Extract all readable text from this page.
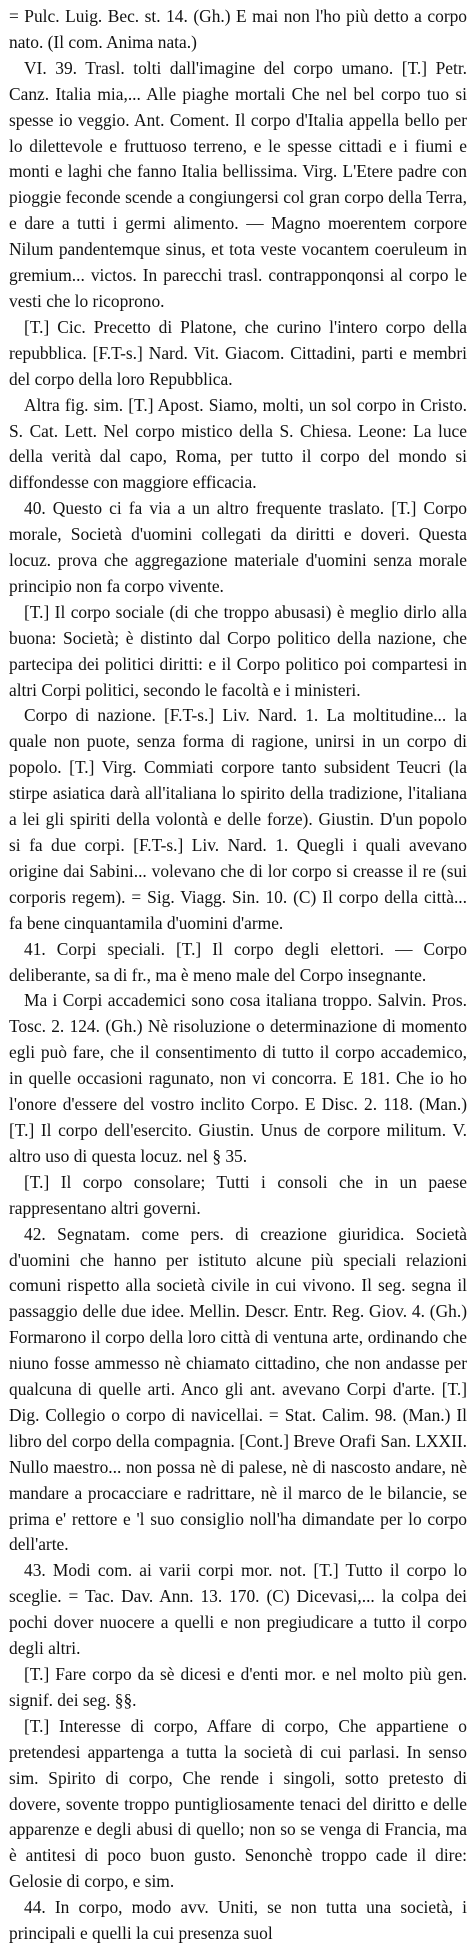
= Pulc. Luig. Bec. st. 14. (Gh.) E mai non l'ho più detto a corpo nato. (Il com. Anima nata.)

VI. 39. Trasl. tolti dall'imagine del corpo umano. [T.] Petr. Canz. Italia mia,... Alle piaghe mortali Che nel bel corpo tuo si spesse io veggio. Ant. Coment. Il corpo d'Italia appella bello per lo dilettevole e fruttuoso terreno, e le spesse cittadi e i fiumi e monti e laghi che fanno Italia bellissima. Virg. L'Etere padre con pioggie feconde scende a congiungersi col gran corpo della Terra, e dare a tutti i germi alimento. — Magno moerentem corpore Nilum pandentemque sinus, et tota veste vocantem coeruleum in gremium... victos. In parecchi trasl. contrapponqonsi al corpo le vesti che lo ricoprono.

[T.] Cic. Precetto di Platone, che curino l'intero corpo della repubblica. [F.T-s.] Nard. Vit. Giacom. Cittadini, parti e membri del corpo della loro Repubblica.

Altra fig. sim. [T.] Apost. Siamo, molti, un sol corpo in Cristo. S. Cat. Lett. Nel corpo mistico della S. Chiesa. Leone: La luce della verità dal capo, Roma, per tutto il corpo del mondo si diffondesse con maggiore efficacia.

40. Questo ci fa via a un altro frequente traslato. [T.] Corpo morale, Società d'uomini collegati da diritti e doveri. Questa locuz. prova che aggregazione materiale d'uomini senza morale principio non fa corpo vivente.

[T.] Il corpo sociale (di che troppo abusasi) è meglio dirlo alla buona: Società; è distinto dal Corpo politico della nazione, che partecipa dei politici diritti: e il Corpo politico poi compartesi in altri Corpi politici, secondo le facoltà e i ministeri.

Corpo di nazione. [F.T-s.] Liv. Nard. 1. La moltitudine... la quale non puote, senza forma di ragione, unirsi in un corpo di popolo. [T.] Virg. Commiati corpore tanto subsident Teucri (la stirpe asiatica darà all'italiana lo spirito della tradizione, l'italiana a lei gli spiriti della volontà e delle forze). Giustin. D'un popolo si fa due corpi. [F.T-s.] Liv. Nard. 1. Quegli i quali avevano origine dai Sabini... volevano che di lor corpo si creasse il re (sui corporis regem). = Sig. Viagg. Sin. 10. (C) Il corpo della città... fa bene cinquantamila d'uomini d'arme.

41. Corpi speciali. [T.] Il corpo degli elettori. — Corpo deliberante, sa di fr., ma è meno male del Corpo insegnante.

Ma i Corpi accademici sono cosa italiana troppo. Salvin. Pros. Tosc. 2. 124. (Gh.) Nè risoluzione o determinazione di momento egli può fare, che il consentimento di tutto il corpo accademico, in quelle occasioni ragunato, non vi concorra. E 181. Che io ho l'onore d'essere del vostro inclito Corpo. E Disc. 2. 118. (Man.) [T.] Il corpo dell'esercito. Giustin. Unus de corpore militum. V. altro uso di questa locuz. nel § 35.

[T.] Il corpo consolare; Tutti i consoli che in un paese rappresentano altri governi.

42. Segnatam. come pers. di creazione giuridica. Società d'uomini che hanno per istituto alcune più speciali relazioni comuni rispetto alla società civile in cui vivono. Il seg. segna il passaggio delle due idee. Mellin. Descr. Entr. Reg. Giov. 4. (Gh.) Formarono il corpo della loro città di ventuna arte, ordinando che niuno fosse ammesso nè chiamato cittadino, che non andasse per qualcuna di quelle arti. Anco gli ant. avevano Corpi d'arte. [T.] Dig. Collegio o corpo di navicellai. = Stat. Calim. 98. (Man.) Il libro del corpo della compagnia. [Cont.] Breve Orafi San. LXXII. Nullo maestro... non possa nè di palese, nè di nascosto andare, nè mandare a procacciare e radrittare, nè il marco de le bilancie, se prima e' rettore e 'l suo consiglio noll'ha dimandate per lo corpo dell'arte.

43. Modi com. ai varii corpi mor. not. [T.] Tutto il corpo lo sceglie. = Tac. Dav. Ann. 13. 170. (C) Dicevasi,... la colpa dei pochi dover nuocere a quelli e non pregiudicare a tutto il corpo degli altri.

[T.] Fare corpo da sè dicesi e d'enti mor. e nel molto più gen. signif. dei seg. §§.

[T.] Interesse di corpo, Affare di corpo, Che appartiene o pretendesi appartenga a tutta la società di cui parlasi. In senso sim. Spirito di corpo, Che rende i singoli, sotto pretesto di dovere, sovente troppo puntigliosamente tenaci del diritto e delle apparenze e degli abusi di quello; non so se venga di Francia, ma è antitesi di poco buon gusto. Senonchè troppo cade il dire: Gelosie di corpo, e sim.

44. In corpo, modo avv. Uniti, se non tutta una società, i principali e quelli la cui presenza suol
